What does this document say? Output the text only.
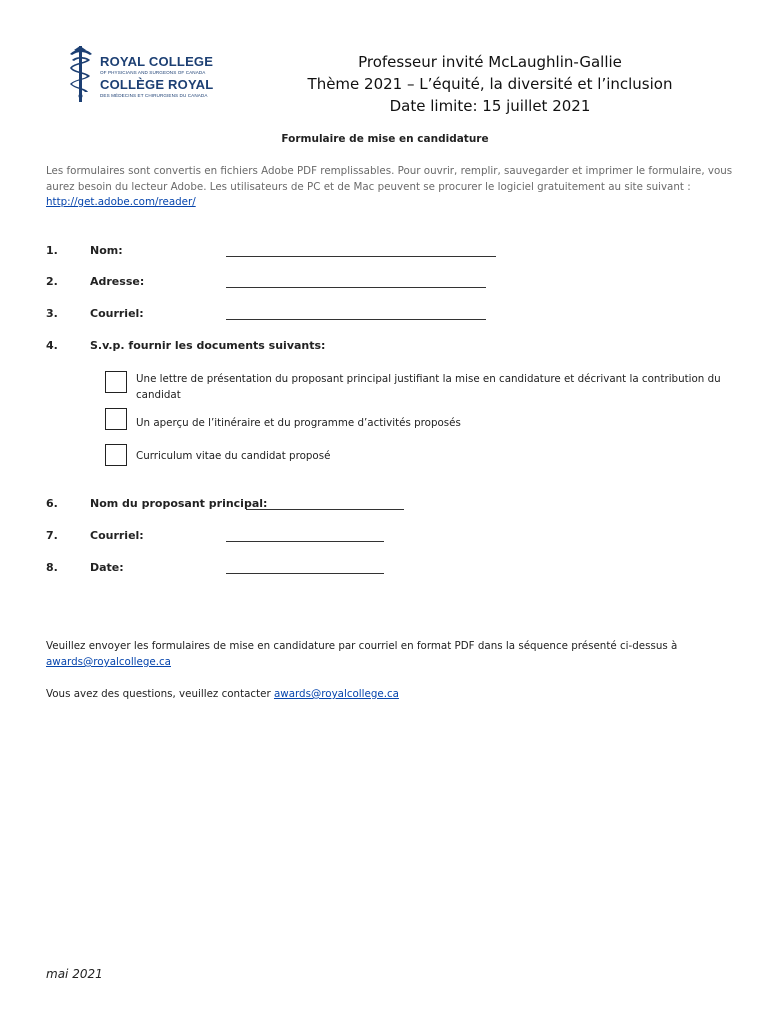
ROYAL COLLEGE
OF PHYSICIANS AND SURGEONS OF CANADA
COLLÈGE ROYAL
DES MÉDECINS ET CHIRURGIENS DU CANADA
Professeur invité McLaughlin-Gallie
Thème 2021 – L’équité, la diversité et l’inclusion
Date limite: 15 juillet 2021
Formulaire de mise en candidature
Les formulaires sont convertis en fichiers Adobe PDF remplissables. Pour ouvrir, remplir, sauvegarder et imprimer le formulaire, vous aurez besoin du lecteur Adobe. Les utilisateurs de PC et de Mac peuvent se procurer le logiciel gratuitement au site suivant : http://get.adobe.com/reader/
1.	Nom:
2.	Adresse:
3.	Courriel:
4.	S.v.p. fournir les documents suivants:
Une lettre de présentation du proposant principal justifiant la mise en candidature et décrivant la contribution du candidat
Un aperçu de l’itinéraire et du programme d’activités proposés
Curriculum vitae du candidat proposé
6.	Nom du proposant principal:
7.	Courriel:
8.	Date:
Veuillez envoyer les formulaires de mise en candidature par courriel en format PDF dans la séquence présenté ci-dessus à awards@royalcollege.ca
Vous avez des questions, veuillez contacter awards@royalcollege.ca
mai 2021
